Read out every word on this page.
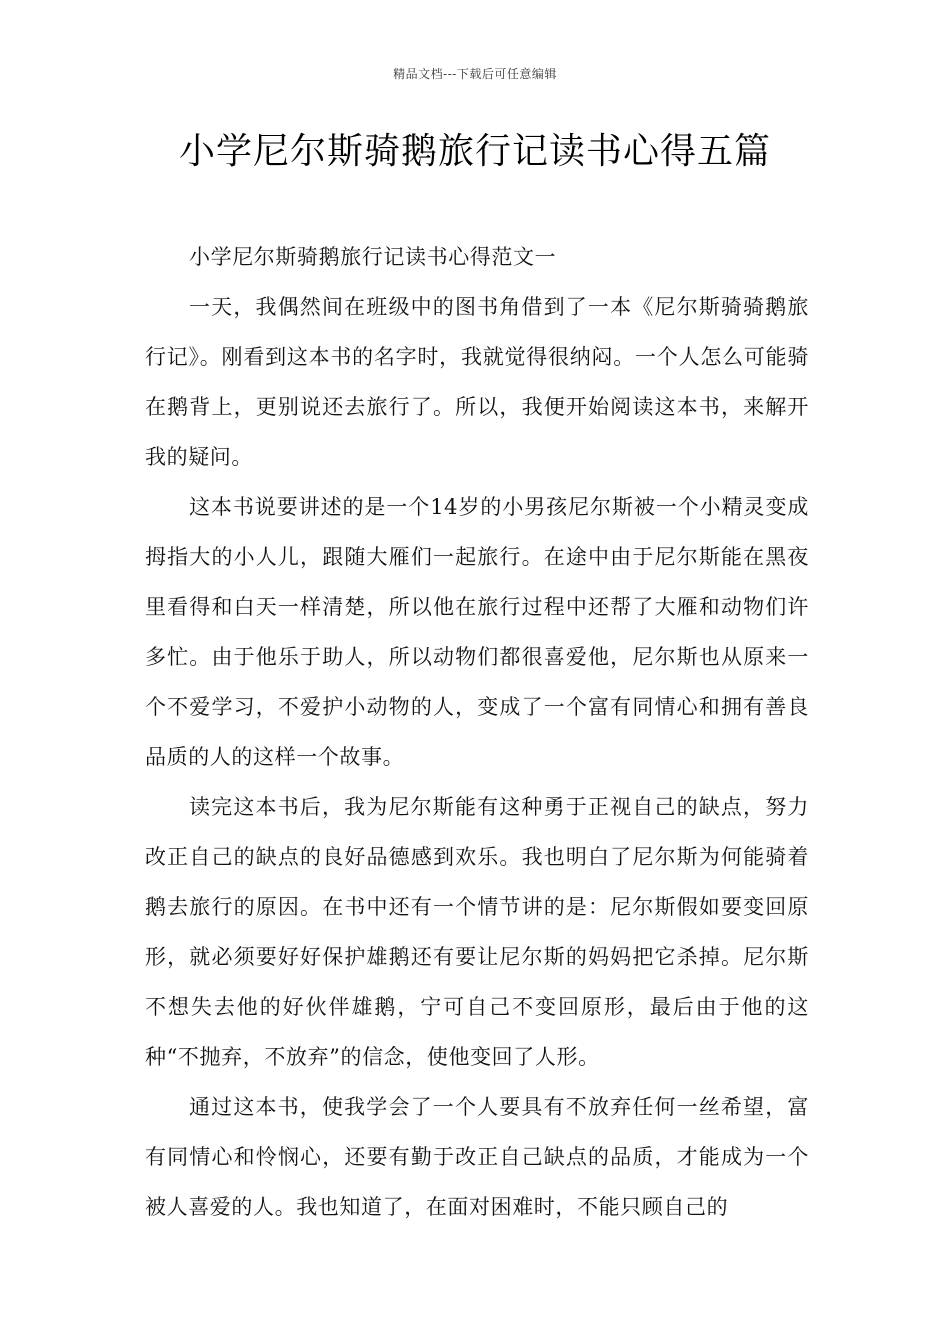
精品文档---下载后可任意编辑
小学尼尔斯骑鹅旅行记读书心得五篇

小学尼尔斯骑鹅旅行记读书心得范文一

一天，我偶然间在班级中的图书角借到了一本《尼尔斯骑骑鹅旅行记》。刚看到这本书的名字时，我就觉得很纳闷。一个人怎么可能骑在鹅背上，更别说还去旅行了。所以，我便开始阅读这本书，来解开我的疑问。

这本书说要讲述的是一个14岁的小男孩尼尔斯被一个小精灵变成拇指大的小人儿，跟随大雁们一起旅行。在途中由于尼尔斯能在黑夜里看得和白天一样清楚，所以他在旅行过程中还帮了大雁和动物们许多忙。由于他乐于助人，所以动物们都很喜爱他，尼尔斯也从原来一个不爱学习，不爱护小动物的人，变成了一个富有同情心和拥有善良品质的人的这样一个故事。

读完这本书后，我为尼尔斯能有这种勇于正视自己的缺点，努力改正自己的缺点的良好品德感到欢乐。我也明白了尼尔斯为何能骑着鹅去旅行的原因。在书中还有一个情节讲的是：尼尔斯假如要变回原形，就必须要好好保护雄鹅还有要让尼尔斯的妈妈把它杀掉。尼尔斯不想失去他的好伙伴雄鹅，宁可自己不变回原形，最后由于他的这种“不抛弃，不放弃”的信念，使他变回了人形。

通过这本书，使我学会了一个人要具有不放弃任何一丝希望，富有同情心和怜悯心，还要有勤于改正自己缺点的品质，才能成为一个被人喜爱的人。我也知道了，在面对困难时，不能只顾自己的
